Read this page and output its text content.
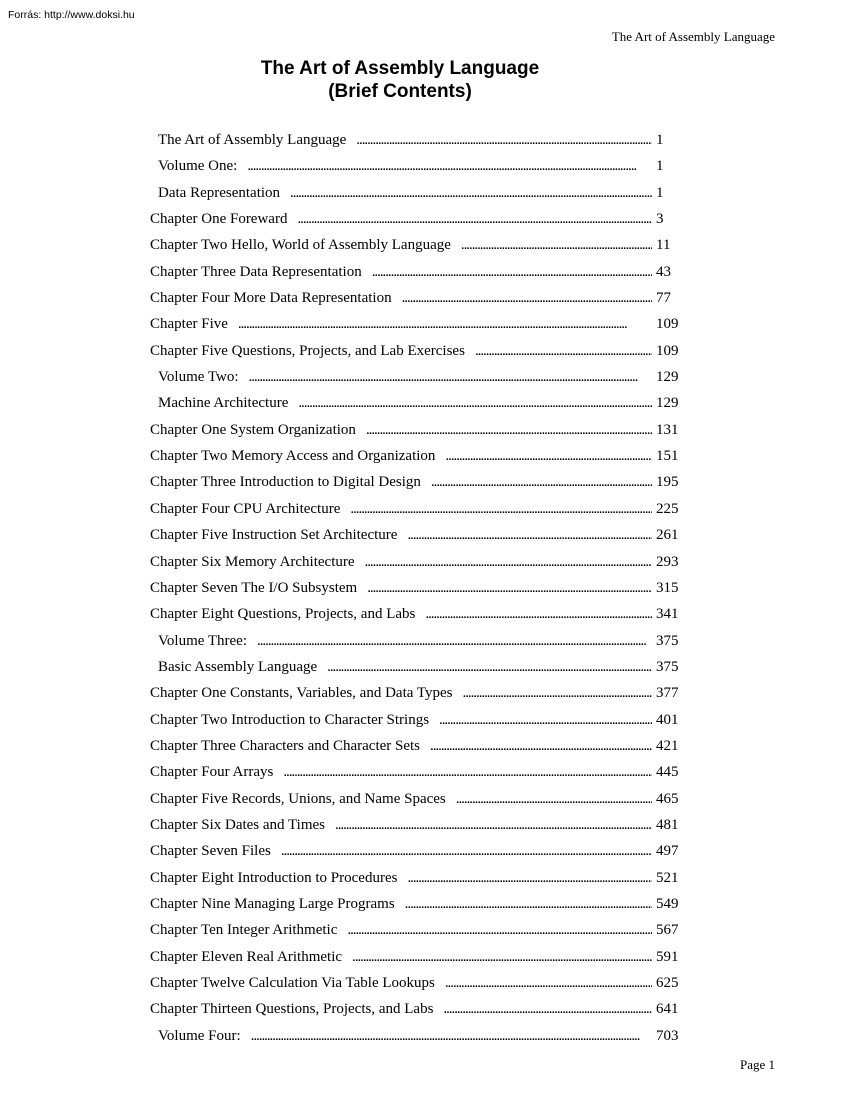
Forrás: http://www.doksi.hu
The Art of Assembly Language
The Art of Assembly Language
(Brief Contents)
The Art of Assembly Language . . .	1
Volume One: . . .	1
Data Representation . . .	1
Chapter One Foreward . . .	3
Chapter Two Hello, World of Assembly Language . . .	11
Chapter Three Data Representation . . .	43
Chapter Four More Data Representation . . .	77
Chapter Five . . .	109
Chapter Five Questions, Projects, and Lab Exercises . . .	109
Volume Two: . . .	129
Machine Architecture . . .	129
Chapter One System Organization . . .	131
Chapter Two Memory Access and Organization . . .	151
Chapter Three Introduction to Digital Design . . .	195
Chapter Four CPU Architecture . . .	225
Chapter Five Instruction Set Architecture . . .	261
Chapter Six Memory Architecture . . .	293
Chapter Seven The I/O Subsystem . . .	315
Chapter Eight Questions, Projects, and Labs . . .	341
Volume Three: . . .	375
Basic Assembly Language . . .	375
Chapter One Constants, Variables, and Data Types . . .	377
Chapter Two Introduction to Character Strings . . .	401
Chapter Three Characters and Character Sets . . .	421
Chapter Four Arrays . . .	445
Chapter Five Records, Unions, and Name Spaces . . .	465
Chapter Six Dates and Times . . .	481
Chapter Seven Files . . .	497
Chapter Eight Introduction to Procedures . . .	521
Chapter Nine Managing Large Programs . . .	549
Chapter Ten Integer Arithmetic . . .	567
Chapter Eleven Real Arithmetic . . .	591
Chapter Twelve Calculation Via Table Lookups . . .	625
Chapter Thirteen Questions, Projects, and Labs . . .	641
Volume Four: . . .	703
Page 1
